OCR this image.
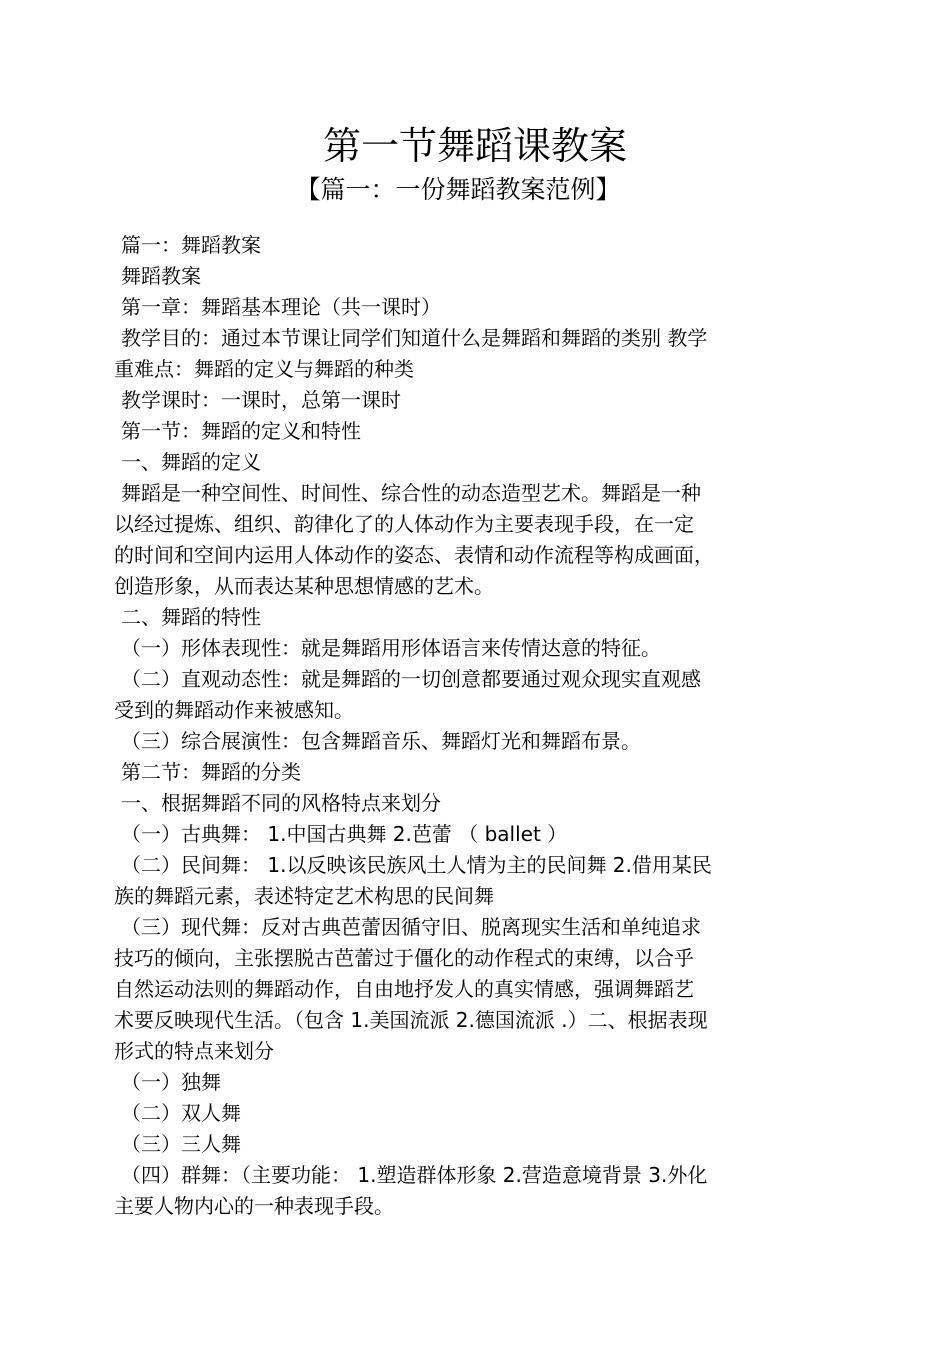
第一节舞蹈课教案
【篇一：一份舞蹈教案范例】
篇一：舞蹈教案
舞蹈教案
第一章：舞蹈基本理论（共一课时）
教学目的：通过本节课让同学们知道什么是舞蹈和舞蹈的类别 教学
重难点：舞蹈的定义与舞蹈的种类
教学课时：一课时，总第一课时
第一节：舞蹈的定义和特性
一、舞蹈的定义
舞蹈是一种空间性、时间性、综合性的动态造型艺术。舞蹈是一种
以经过提炼、组织、韵律化了的人体动作为主要表现手段，在一定
的时间和空间内运用人体动作的姿态、表情和动作流程等构成画面，
创造形象，从而表达某种思想情感的艺术。
二、舞蹈的特性
（一）形体表现性：就是舞蹈用形体语言来传情达意的特征。
（二）直观动态性：就是舞蹈的一切创意都要通过观众现实直观感
受到的舞蹈动作来被感知。
（三）综合展演性：包含舞蹈音乐、舞蹈灯光和舞蹈布景。
第二节：舞蹈的分类
一、根据舞蹈不同的风格特点来划分
（一）古典舞： 1.中国古典舞 2.芭蕾 （ ballet ）
（二）民间舞： 1.以反映该民族风土人情为主的民间舞 2.借用某民
族的舞蹈元素，表述特定艺术构思的民间舞
（三）现代舞：反对古典芭蕾因循守旧、脱离现实生活和单纯追求
技巧的倾向，主张摆脱古芭蕾过于僵化的动作程式的束缚，以合乎
自然运动法则的舞蹈动作，自由地抒发人的真实情感，强调舞蹈艺
术要反映现代生活。（包含 1.美国流派 2.德国流派 .）二、根据表现
形式的特点来划分
（一）独舞
（二）双人舞
（三）三人舞
（四）群舞：（主要功能： 1.塑造群体形象 2.营造意境背景 3.外化
主要人物内心的一种表现手段。
